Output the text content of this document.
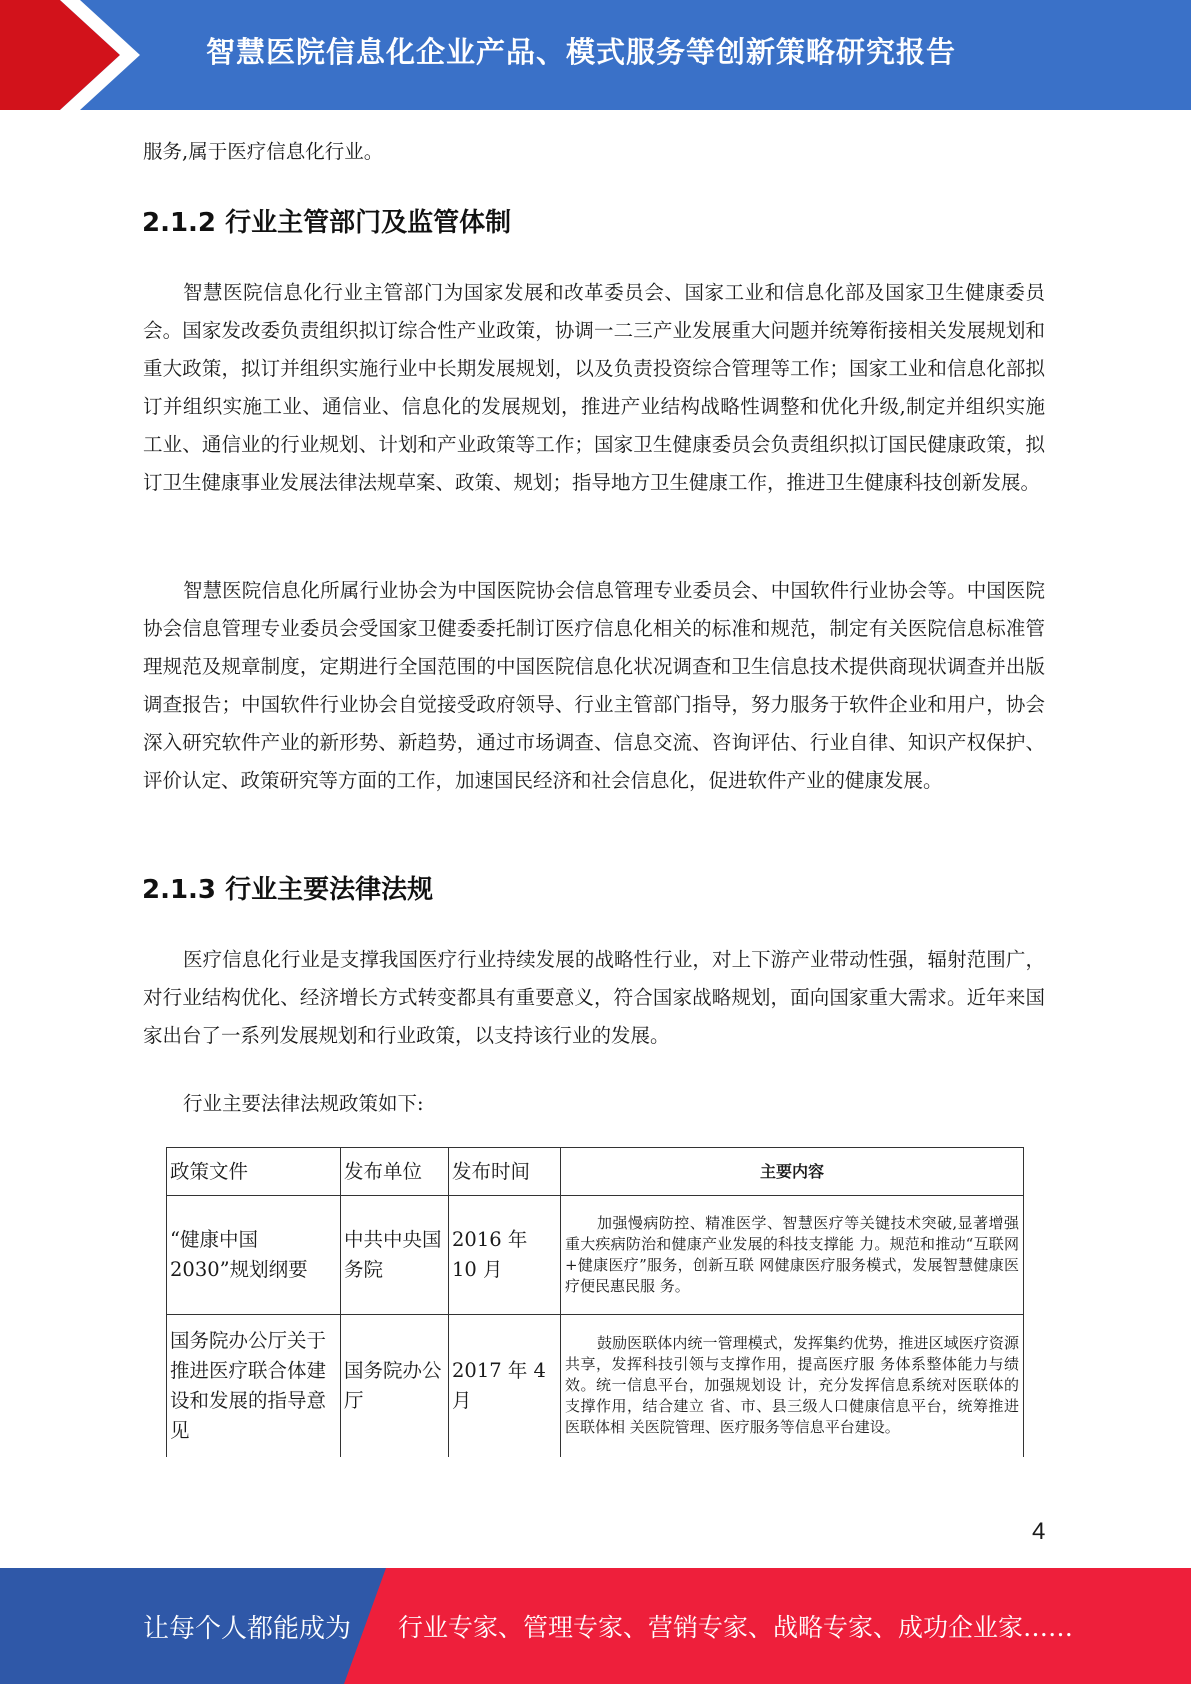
智慧医院信息化企业产品、模式服务等创新策略研究报告
服务,属于医疗信息化行业。
2.1.2 行业主管部门及监管体制
智慧医院信息化行业主管部门为国家发展和改革委员会、国家工业和信息化部及国家卫生健康委员会。国家发改委负责组织拟订综合性产业政策，协调一二三产业发展重大问题并统筹衔接相关发展规划和重大政策，拟订并组织实施行业中长期发展规划，以及负责投资综合管理等工作；国家工业和信息化部拟订并组织实施工业、通信业、信息化的发展规划，推进产业结构战略性调整和优化升级,制定并组织实施工业、通信业的行业规划、计划和产业政策等工作；国家卫生健康委员会负责组织拟订国民健康政策，拟订卫生健康事业发展法律法规草案、政策、规划；指导地方卫生健康工作，推进卫生健康科技创新发展。
智慧医院信息化所属行业协会为中国医院协会信息管理专业委员会、中国软件行业协会等。中国医院协会信息管理专业委员会受国家卫健委委托制订医疗信息化相关的标准和规范，制定有关医院信息标准管理规范及规章制度，定期进行全国范围的中国医院信息化状况调查和卫生信息技术提供商现状调查并出版调查报告；中国软件行业协会自觉接受政府领导、行业主管部门指导，努力服务于软件企业和用户，协会深入研究软件产业的新形势、新趋势，通过市场调查、信息交流、咨询评估、行业自律、知识产权保护、评价认定、政策研究等方面的工作，加速国民经济和社会信息化，促进软件产业的健康发展。
2.1.3 行业主要法律法规
医疗信息化行业是支撑我国医疗行业持续发展的战略性行业，对上下游产业带动性强，辐射范围广，对行业结构优化、经济增长方式转变都具有重要意义，符合国家战略规划，面向国家重大需求。近年来国家出台了一系列发展规划和行业政策，以支持该行业的发展。
行业主要法律法规政策如下:
政策文件	发布单位	发布时间	主要内容
“健康中国 2030”规划纲要	中共中央国务院	2016 年 10 月	加强慢病防控、精准医学、智慧医疗等关键技术突破,显著增强重大疾病防治和健康产业发展的科技支撑能 力。规范和推动“互联网+健康医疗”服务，创新互联 网健康医疗服务模式，发展智慧健康医疗便民惠民服 务。

国务院办公厅关于推进医疗联合体建设和发展的指导意见	国务院办公厅	2017 年 4 月	鼓励医联体内统一管理模式，发挥集约优势，推进区域医疗资源共享，发挥科技引领与支撑作用，提高医疗服 务体系整体能力与绩效。统一信息平台，加强规划设 计，充分发挥信息系统对医联体的支撑作用，结合建立 省、市、县三级人口健康信息平台，统筹推进医联体相 关医院管理、医疗服务等信息平台建设。
4
让每个人都能成为 行业专家、管理专家、营销专家、战略专家、成功企业家……
